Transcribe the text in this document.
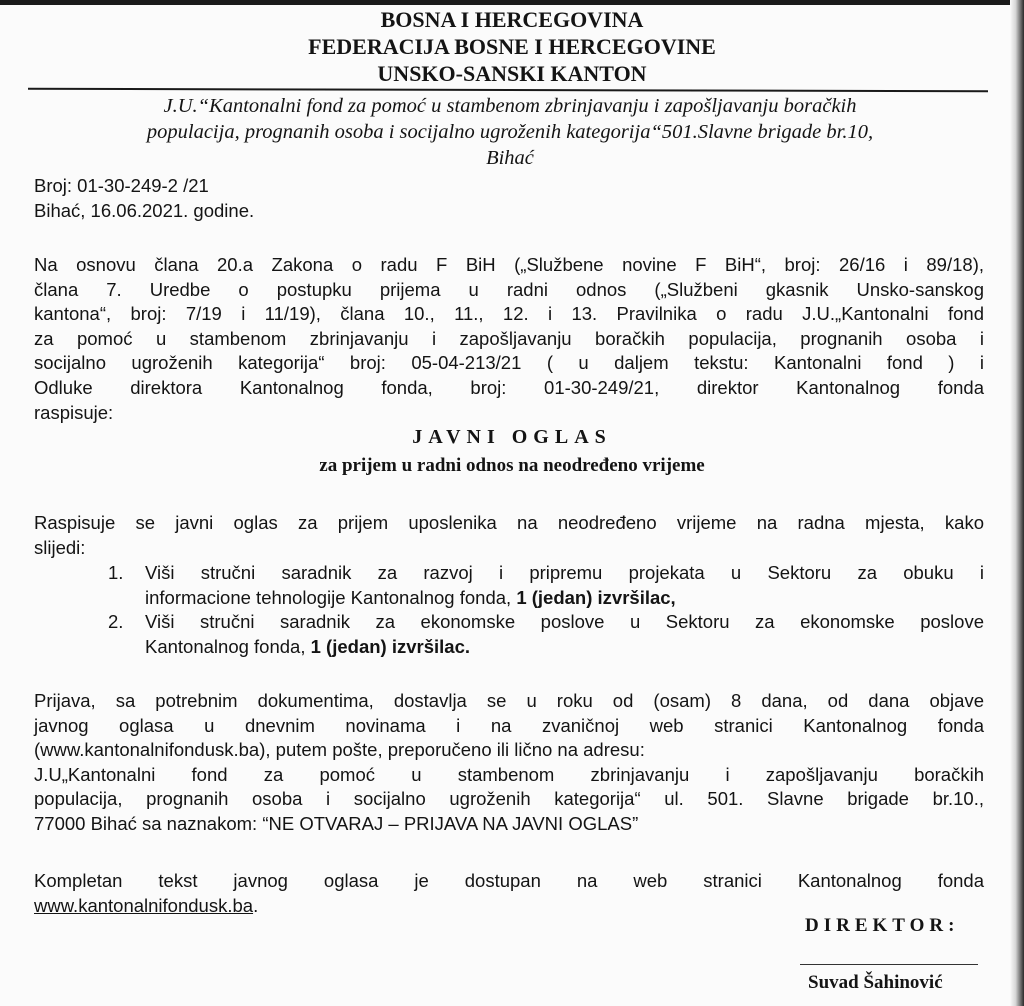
BOSNA I HERCEGOVINA
FEDERACIJA BOSNE I HERCEGOVINE
UNSKO-SANSKI KANTON
J.U.“Kantonalni fond za pomoć u stambenom zbrinjavanju i zapošljavanju boračkih
populacija, prognanih osoba i socijalno ugroženih kategorija“501.Slavne brigade br.10,
Bihać
Broj: 01-30-249-2 /21
Bihać, 16.06.2021. godine.
Na osnovu člana 20.a Zakona o radu F BiH („Službene novine F BiH“, broj: 26/16 i 89/18),
člana 7. Uredbe o postupku prijema u radni odnos („Službeni gkasnik Unsko-sanskog
kantona“, broj: 7/19 i 11/19), člana 10., 11., 12. i 13. Pravilnika o radu J.U.„Kantonalni fond
za pomoć u stambenom zbrinjavanju i zapošljavanju boračkih populacija, prognanih osoba i
socijalno ugroženih kategorija“ broj: 05-04-213/21 ( u daljem tekstu: Kantonalni fond ) i
Odluke direktora Kantonalnog fonda, broj: 01-30-249/21, direktor Kantonalnog fonda
raspisuje:
JAVNI OGLAS
za prijem u radni odnos na neodređeno vrijeme
Raspisuje se javni oglas za prijem uposlenika na neodređeno vrijeme na radna mjesta, kako
slijedi:
1. Viši stručni saradnik za razvoj i pripremu projekata u Sektoru za obuku i
informacione tehnologije Kantonalnog fonda, 1 (jedan) izvršilac,
2. Viši stručni saradnik za ekonomske poslove u Sektoru za ekonomske poslove
Kantonalnog fonda, 1 (jedan) izvršilac.
Prijava, sa potrebnim dokumentima, dostavlja se u roku od (osam) 8 dana, od dana objave
javnog oglasa u dnevnim novinama i na zvaničnoj web stranici Kantonalnog fonda
(www.kantonalnifondusk.ba), putem pošte, preporučeno ili lično na adresu:
J.U„Kantonalni fond za pomoć u stambenom zbrinjavanju i zapošljavanju boračkih
populacija, prognanih osoba i socijalno ugroženih kategorija“ ul. 501. Slavne brigade br.10.,
77000 Bihać sa naznakom: “NE OTVARAJ – PRIJAVA NA JAVNI OGLAS”
Kompletan tekst javnog oglasa je dostupan na web stranici Kantonalnog fonda
www.kantonalnifondusk.ba.
DIREKTOR:
Suvad Šahinović
